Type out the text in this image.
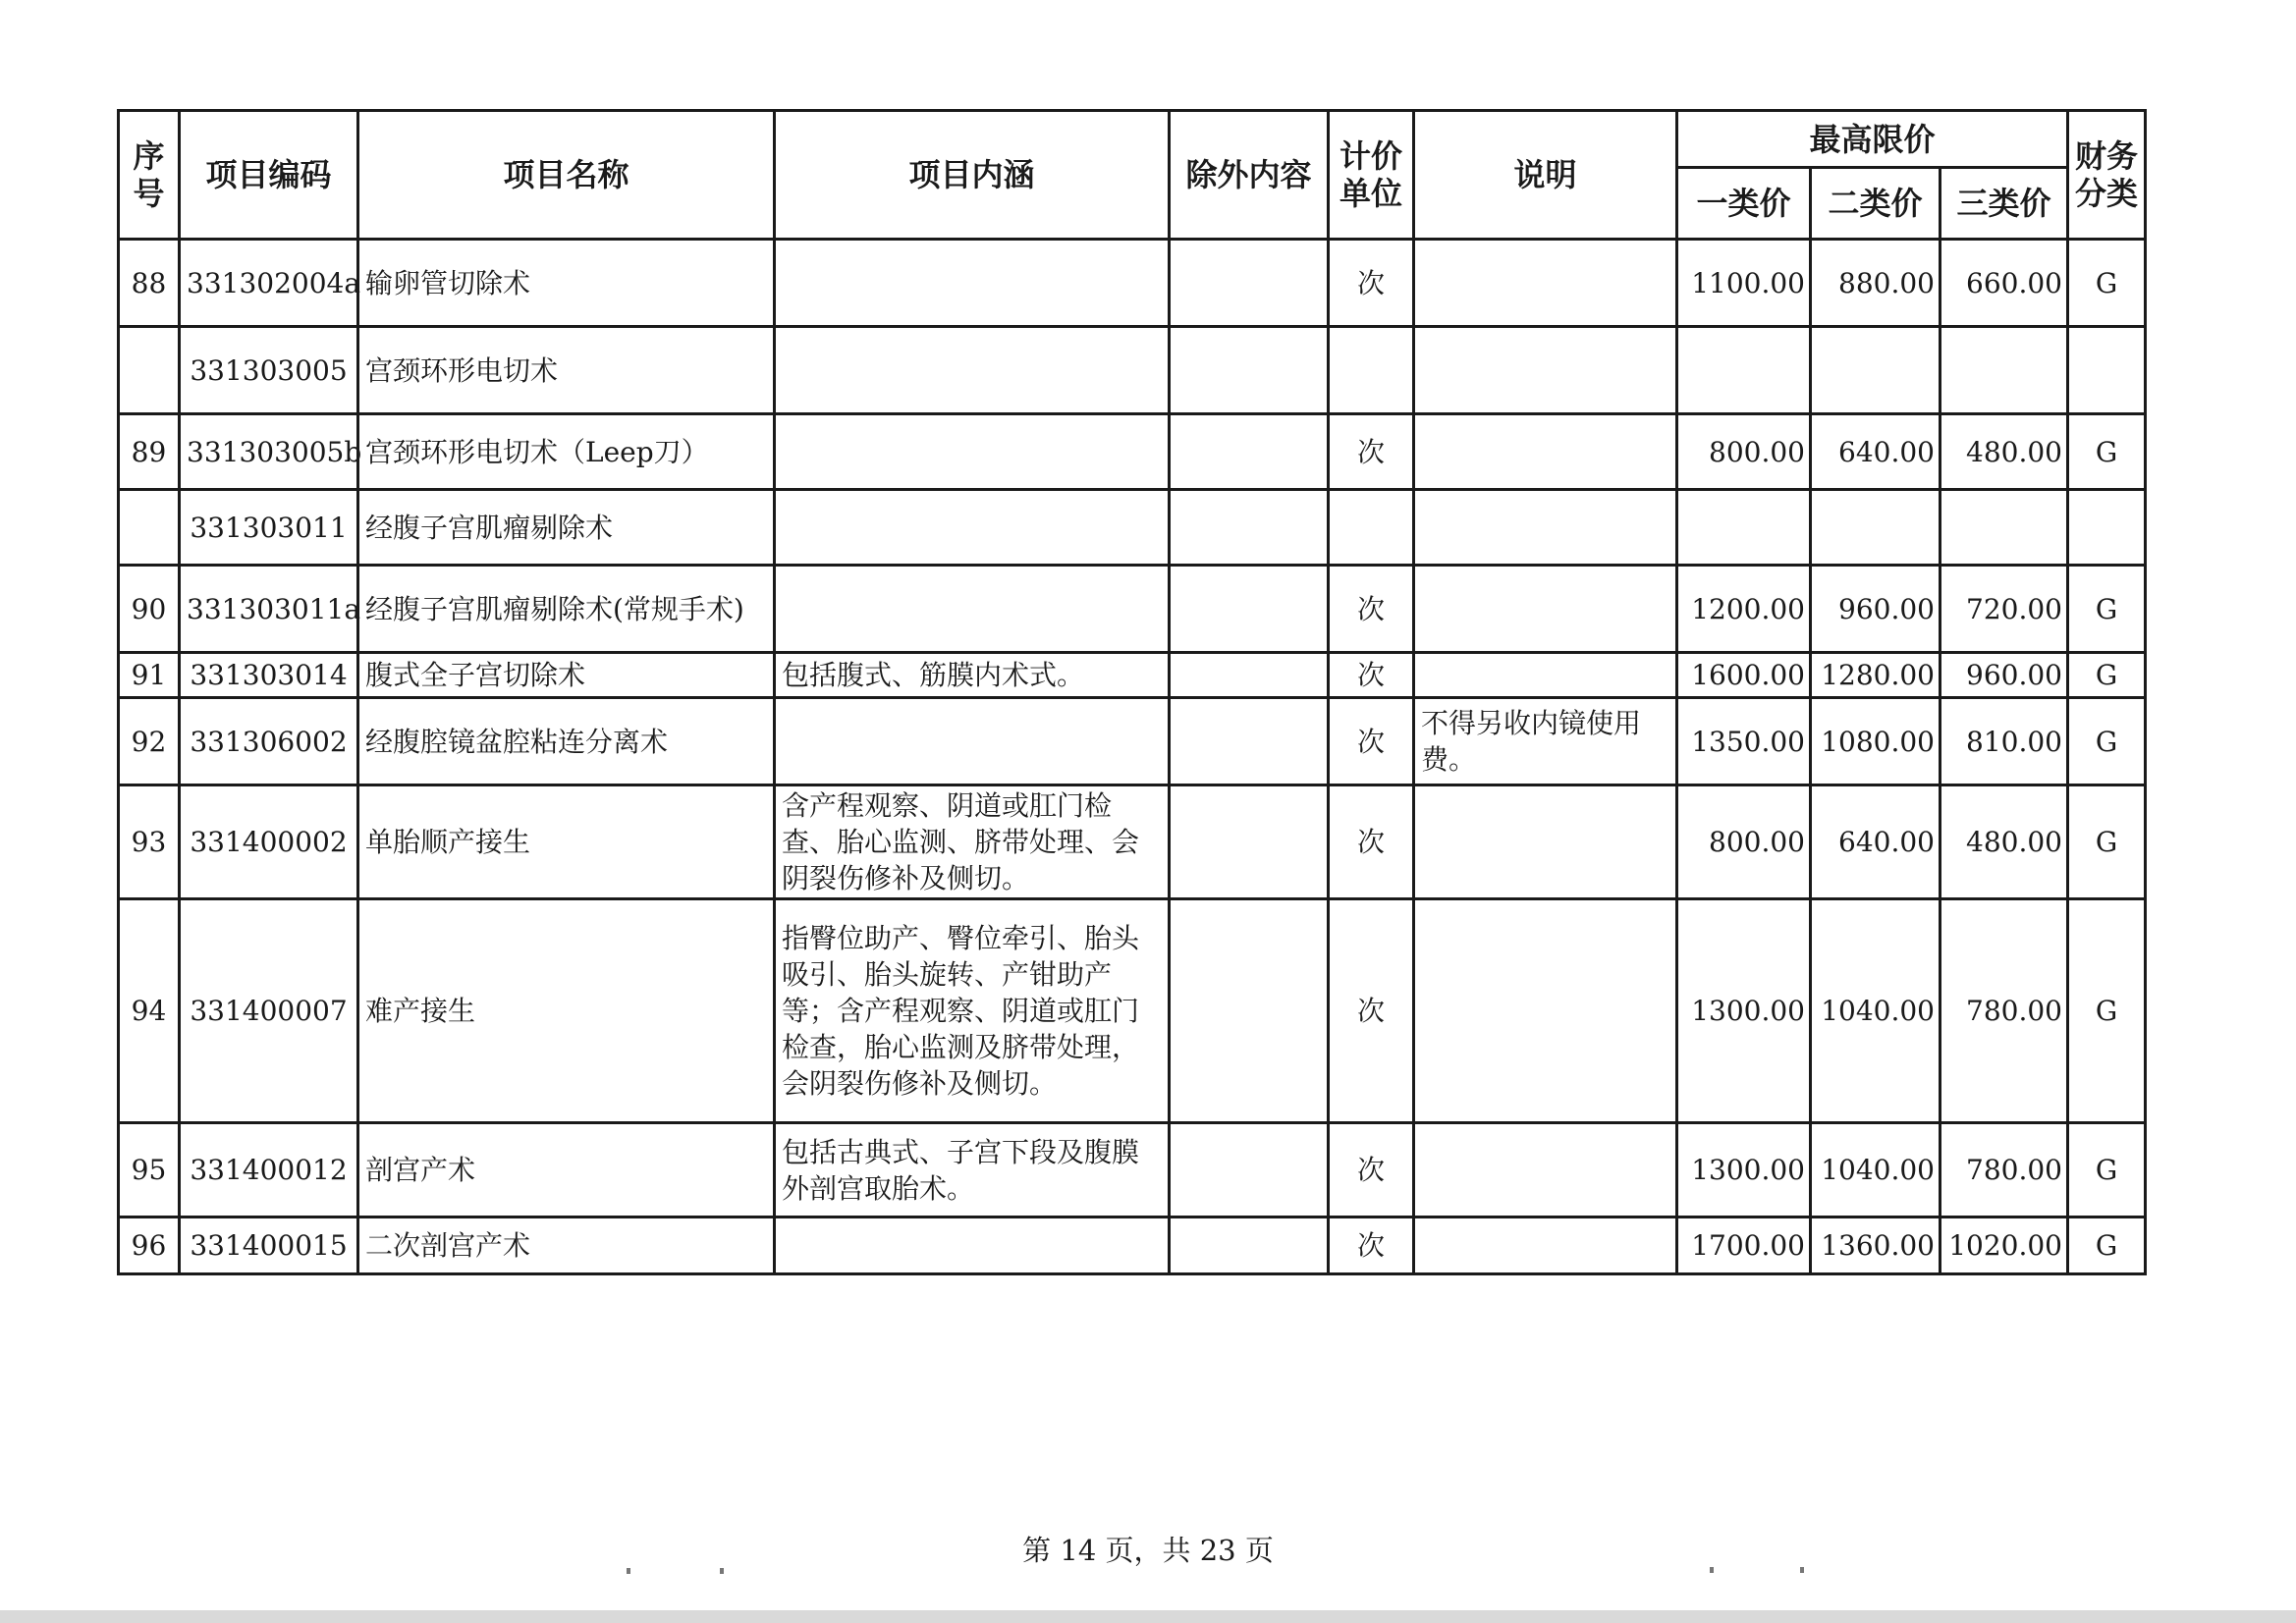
序号	项目编码	项目名称	项目内涵	除外内容	计价单位	说明	最高限价			财务分类
							一类价	二类价	三类价	
88	331302004a	输卵管切除术			次		1100.00	880.00	660.00	G
	331303005	宫颈环形电切术								
89	331303005b	宫颈环形电切术（Leep刀）			次		800.00	640.00	480.00	G
	331303011	经腹子宫肌瘤剔除术								
90	331303011a	经腹子宫肌瘤剔除术(常规手术)			次		1200.00	960.00	720.00	G
91	331303014	腹式全子宫切除术	包括腹式、筋膜内术式。		次		1600.00	1280.00	960.00	G
92	331306002	经腹腔镜盆腔粘连分离术			次	不得另收内镜使用费。	1350.00	1080.00	810.00	G
93	331400002	单胎顺产接生	含产程观察、阴道或肛门检查、胎心监测、脐带处理、会阴裂伤修补及侧切。		次		800.00	640.00	480.00	G
94	331400007	难产接生	指臀位助产、臀位牵引、胎头吸引、胎头旋转、产钳助产等；含产程观察、阴道或肛门检查，胎心监测及脐带处理，会阴裂伤修补及侧切。		次		1300.00	1040.00	780.00	G
95	331400012	剖宫产术	包括古典式、子宫下段及腹膜外剖宫取胎术。		次		1300.00	1040.00	780.00	G
96	331400015	二次剖宫产术			次		1700.00	1360.00	1020.00	G
第 14 页，共 23 页
